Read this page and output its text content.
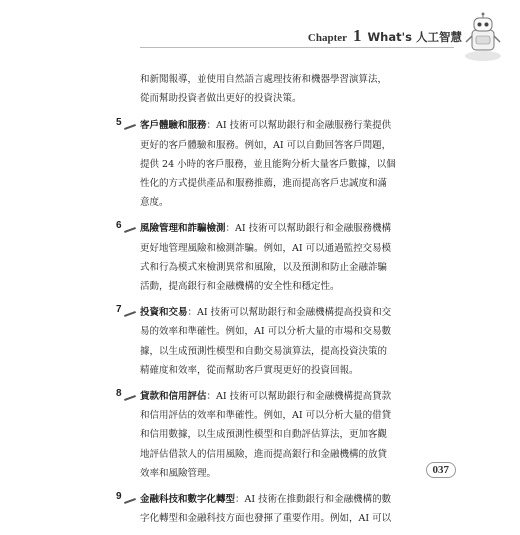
Chapter 1 What's 人工智慧
和新聞報導，並使用自然語言處理技術和機器學習演算法，
從而幫助投資者做出更好的投資決策。
5 客戶體驗和服務：AI 技術可以幫助銀行和金融服務行業提供
更好的客戶體驗和服務。例如，AI 可以自動回答客戶問題，
提供 24 小時的客戶服務，並且能夠分析大量客戶數據，以個
性化的方式提供產品和服務推薦，進而提高客戶忠誠度和滿
意度。
6 風險管理和詐騙檢測：AI 技術可以幫助銀行和金融服務機構
更好地管理風險和檢測詐騙。例如，AI 可以通過監控交易模
式和行為模式來檢測異常和風險，以及預測和防止金融詐騙
活動，提高銀行和金融機構的安全性和穩定性。
7 投資和交易：AI 技術可以幫助銀行和金融機構提高投資和交
易的效率和準確性。例如，AI 可以分析大量的市場和交易數
據，以生成預測性模型和自動交易演算法，提高投資決策的
精確度和效率，從而幫助客戶實現更好的投資回報。
8 貸款和信用評估：AI 技術可以幫助銀行和金融機構提高貸款
和信用評估的效率和準確性。例如，AI 可以分析大量的借貸
和信用數據，以生成預測性模型和自動評估算法，更加客觀
地評估借款人的信用風險，進而提高銀行和金融機構的放貸
效率和風險管理。
9 金融科技和數字化轉型：AI 技術在推動銀行和金融機構的數
字化轉型和金融科技方面也發揮了重要作用。例如，AI 可以
037
